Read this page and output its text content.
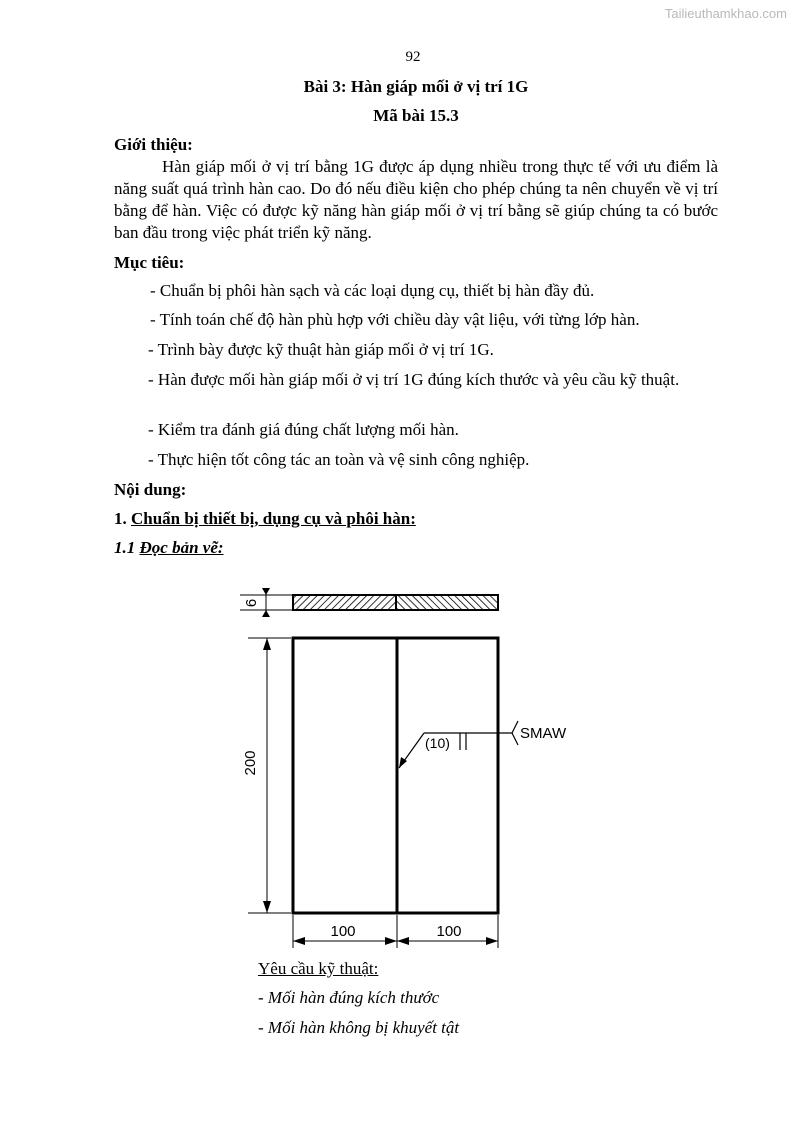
Tailieuthamkhao.com
92
Bài 3: Hàn giáp mối ở vị trí 1G
Mã bài 15.3
Giới thiệu:
Hàn giáp mối ở vị trí bằng 1G được áp dụng nhiều trong thực tế với ưu điểm là năng suất quá trình hàn cao. Do đó nếu điều kiện cho phép chúng ta nên chuyển về vị trí bằng để hàn. Việc có được kỹ năng hàn giáp mối ở vị trí bằng sẽ giúp chúng ta có bước ban đầu trong việc phát triển kỹ năng.
Mục tiêu:
- Chuẩn bị phôi hàn sạch và các loại dụng cụ, thiết bị hàn đầy đủ.
- Tính toán chế độ hàn phù hợp với chiều dày vật liệu, với từng lớp hàn.
- Trình bày được kỹ thuật hàn giáp mối ở vị trí 1G.
- Hàn được mối hàn giáp mối ở vị trí 1G đúng kích thước và yêu cầu kỹ thuật.
- Kiểm tra đánh giá đúng chất lượng mối hàn.
- Thực hiện tốt công tác an toàn và vệ sinh công nghiệp.
Nội dung:
1. Chuẩn bị thiết bị, dụng cụ và phôi hàn:
1.1 Đọc bản vẽ:
6
200
100	100
(10)
SMAW
Yêu cầu kỹ thuật:
- Mối hàn đúng kích thước
- Mối hàn không bị khuyết tật
